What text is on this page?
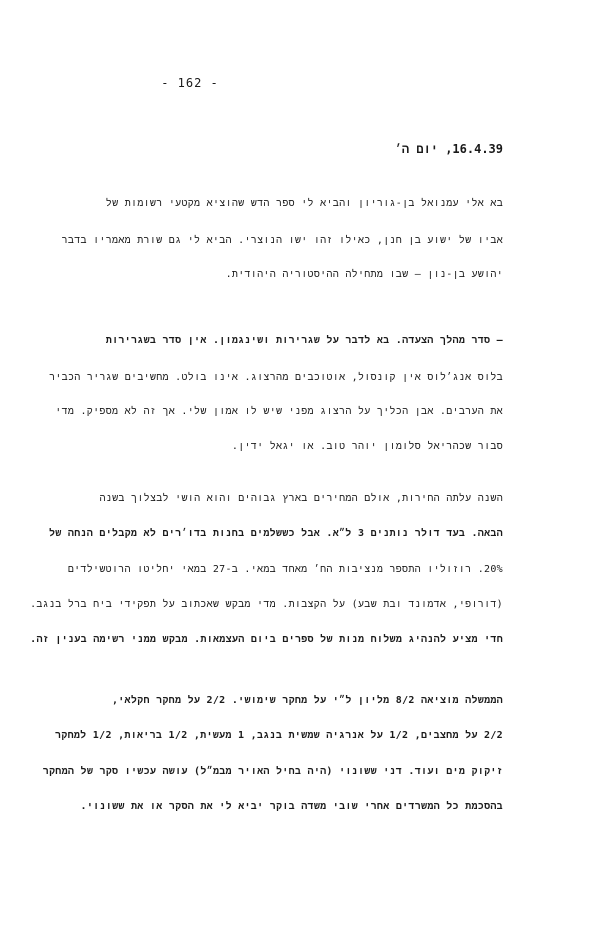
- 162 -
16.4.39, יום ה׳
בא אלי עמנואל בן-גוריון והביא לי ספר הדש שהוציא מקטעי רשומות של
אביו של ישוע בן חנן, כאילו זהו ישו הנוצרי. הביא לי גם שורת מאמריו בדבר
יהושע בן-נון – שבו מתחילה ההיסטוריה היהודית.
– סדר מהלך הצעדה. בא לדבר על שגרירות ושינגמון. אין סדר בשגרירות
בלוס אנג׳לוס אין קונסול, אוטוכבים מהרצוג. אינו בולט. מחשיבים שגריר הכביר
את הערבים. אבן הכליך על הרצוג מפני שיש לו אמון שלי. אך זה לא מספיק. מדי
סבור שכהריאל סלומון יוהר טוב. או יגאל ידין.
השנה עלתה החירות, אולם המחירים בארץ גבוהים והוא הושי לבצלוך בשנה
הבאה. בעד דולר נותנים 3 ל״א. אבל כששלמים בחנות בדו׳רים לא מקבלים הנחה של
20%. רוזוליו התספר מנציבות הח׳ מאחד במאי. ב-27 במאי יחליטו הרוטשילדים
(דורופי, אדמונד ובת שבע) על הקצבות. מדי מבקש שאכתוב על תפקידי ביח ברל בנגב.
חדי מציע להנהיג משלוח מנות של ספרים ביום העצמאות. מבקש ממני רשימה בענין זה.
הממשלה מוציאה 8/2 מליון ל״י על מחקר שימושי. 2/2 על מחקר חקלאי,
2/2 על מחצבים, 1/2 על אנרגיה שמשית בנגב, 1 מעשית, 1/2 בריאות, 1/2 למחקר
זיקוק מים ועוד. דני ששונוי (היה בחיל האויר מבמ״ל) עושה עכשיו סקר של המחקר
בהסכמת כל המשרדים אחרי שובי משדה בוקר יביא לי את הסקר או את ששונוי.
